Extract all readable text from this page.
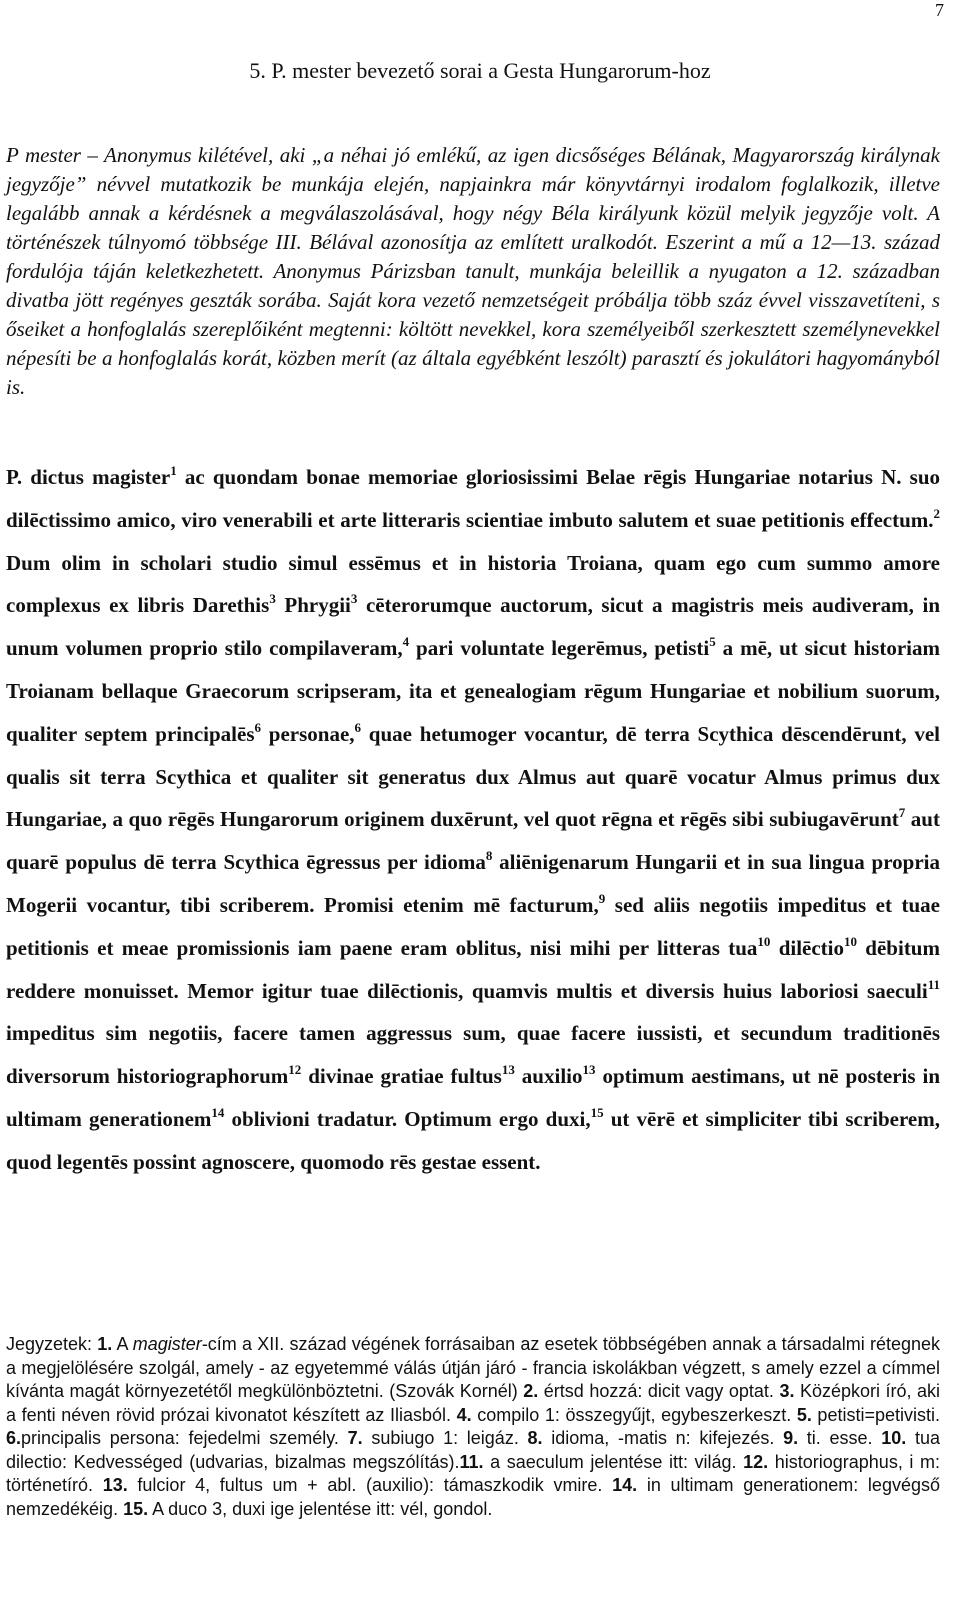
7
5. P. mester bevezető sorai a Gesta Hungarorum-hoz

P mester – Anonymus kilétével, aki „a néhai jó emlékű, az igen dicsőséges Bélának, Magyarország királynak jegyzője” névvel mutatkozik be munkája elején, napjainkra már könyvtárnyi irodalom foglalkozik, illetve legalább annak a kérdésnek a megválaszolásával, hogy négy Béla királyunk közül melyik jegyzője volt. A történészek túlnyomó többsége III. Bélával azonosítja az említett uralkodót. Eszerint a mű a 12—13. század fordulója táján keletkezhetett. Anonymus Párizsban tanult, munkája beleillik a nyugaton a 12. században divatba jött regényes geszták sorába. Saját kora vezető nemzetségeit próbálja több száz évvel visszavetíteni, s őseiket a honfoglalás szereplőiként megtenni: költött nevekkel, kora személyeiből szerkesztett személynevekkel népesíti be a honfoglalás korát, közben merít (az általa egyébként leszólt) parasztí és jokulátori hagyományból is.

P. dictus magister$^1$ ac quondam bonae memoriae gloriosissimi Belae rēgis Hungariae notarius N. suo dilēctissimo amico, viro venerabili et arte litteraris scientiae imbuto salutem et suae petitionis effectum.$^2$ Dum olim in scholari studio simul essēmus et in historia Troiana, quam ego cum summo amore complexus ex libris Darethis$^3$ Phrygii$^3$ cēterorumque auctorum, sicut a magistris meis audiveram, in unum volumen proprio stilo compilaveram,$^4$ pari voluntate legerēmus, petisti$^5$ a mē, ut sicut historiam Troianam bellaque Graecorum scripseram, ita et genealogiam rēgum Hungariae et nobilium suorum, qualiter septem principalēs$^6$ personae,$^6$ quae hetumoger vocantur, dē terra Scythica dēscendērunt, vel qualis sit terra Scythica et qualiter sit generatus dux Almus aut quarē vocatur Almus primus dux Hungariae, a quo rēgēs Hungarorum originem duxērunt, vel quot rēgna et rēgēs sibi subiugavērunt$^7$ aut quarē populus dē terra Scythica ēgressus per idioma$^8$ aliēnigenarum Hungarii et in sua lingua propria Mogerii vocantur, tibi scriberem. Promisi etenim mē facturum,$^9$ sed aliis negotiis impeditus et tuae petitionis et meae promissionis iam paene eram oblitus, nisi mihi per litteras tua$^{10}$ dilēctio$^{10}$ dēbitum reddere monuisset. Memor igitur tuae dilēctionis, quamvis multis et diversis huius laboriosi saeculi$^{11}$ impeditus sim negotiis, facere tamen aggressus sum, quae facere iussisti, et secundum traditionēs diversorum historiographorum$^{12}$ divinae gratiae fultus$^{13}$ auxilio$^{13}$ optimum aestimans, ut nē posteris in ultimam generationem$^{14}$ oblivioni tradatur. Optimum ergo duxi,$^{15}$ ut vērē et simpliciter tibi scriberem, quod legentēs possint agnoscere, quomodo rēs gestae essent.

Jegyzetek: 1. A magister-cím a XII. század végének forrásaiban az esetek többségében annak a társadalmi rétegnek a megjelölésére szolgál, amely - az egyetemmé válás útján járó - francia iskolákban végzett, s amely ezzel a címmel kívánta magát környezetétől megkülönböztetni. (Szovák Kornél) 2. értsd hozzá: dicit vagy optat. 3. Középkori író, aki a fenti néven rövid prózai kivonatot készített az Iliasból. 4. compilo 1: összegyűjt, egybeszerkeszt. 5. petisti=petivisti. 6.principalis persona: fejedelmi személy. 7. subiugo 1: leigáz. 8. idioma, -matis n: kifejezés. 9. ti. esse. 10. tua dilectio: Kedvességed (udvarias, bizalmas megszólítás).11. a saeculum jelentése itt: világ. 12. historiographus, i m: történetíró. 13. fulcior 4, fultus um + abl. (auxilio): támaszkodik vmire. 14. in ultimam generationem: legvégső nemzedékéig. 15. A duco 3, duxi ige jelentése itt: vél, gondol.
